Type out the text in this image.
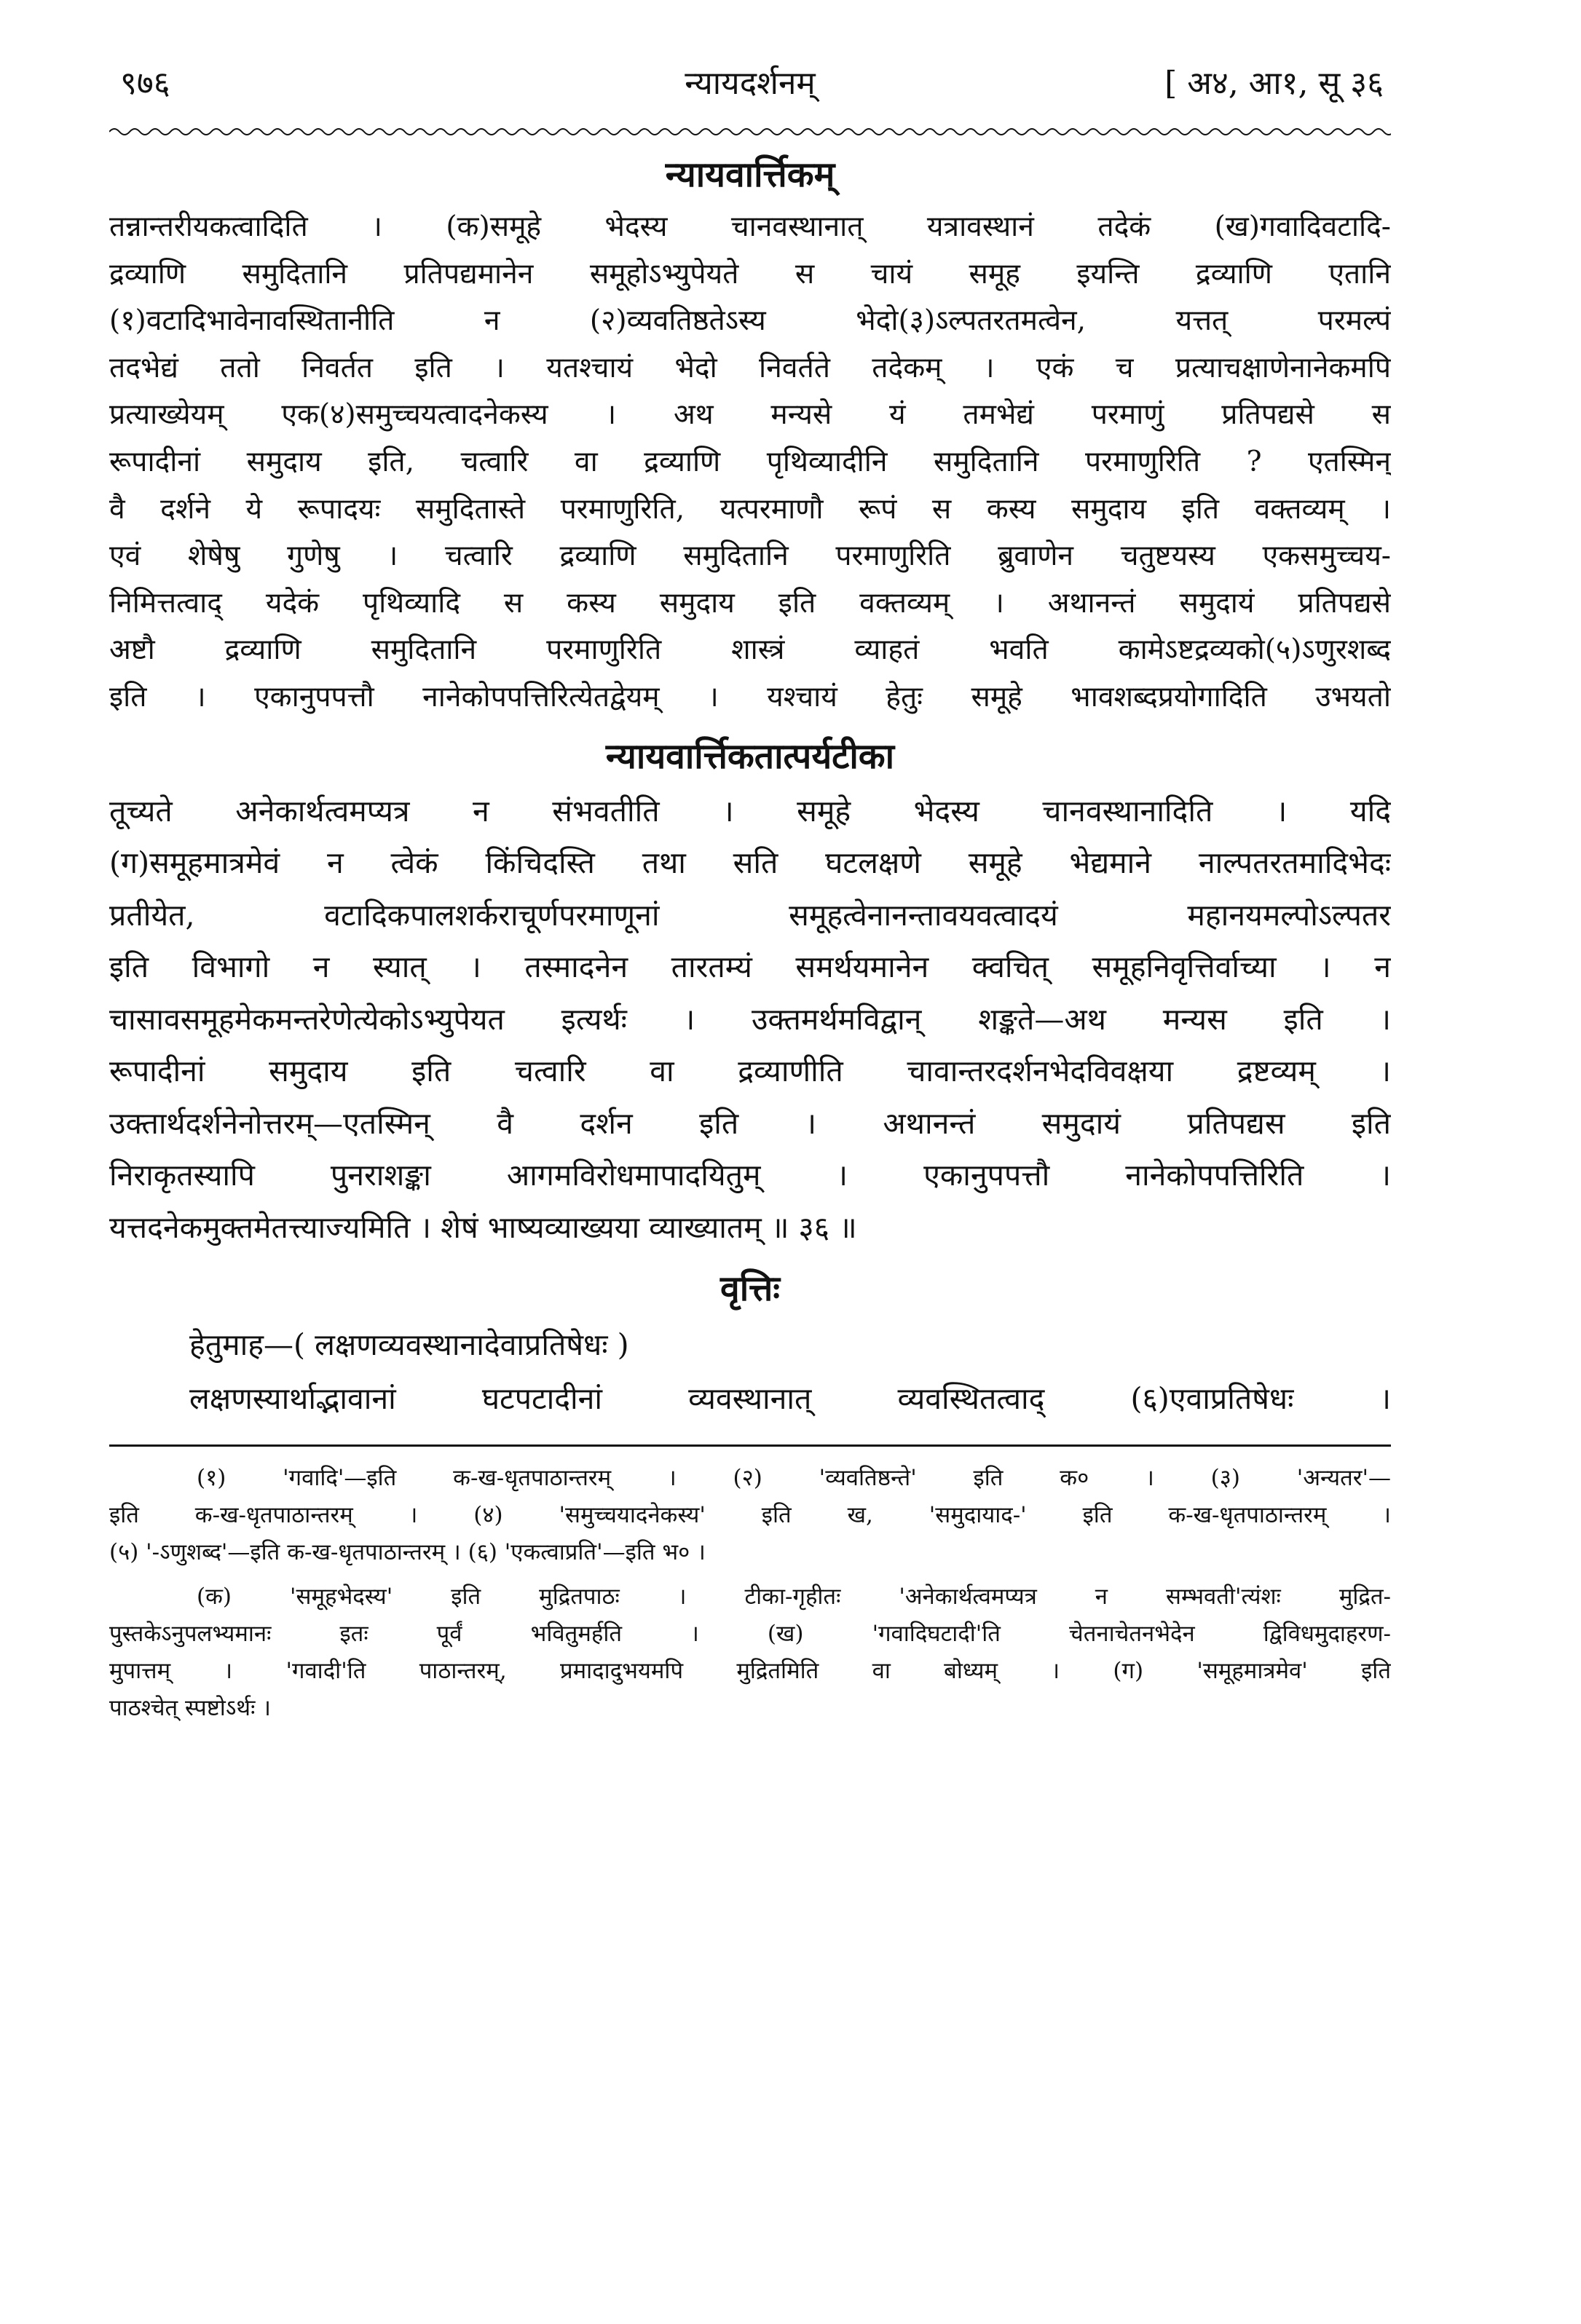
९७६	न्यायदर्शनम्	[ अ४, आ१, सू ३६
न्यायवार्त्तिकम्
तन्नान्तरीयकत्वादिति । (क)समूहे भेदस्य चानवस्थानात् यत्रावस्थानं तदेकं (ख)गवादिवटादि-
द्रव्याणि समुदितानि प्रतिपद्यमानेन समूहोऽभ्युपेयते स चायं समूह इयन्ति द्रव्याणि एतानि
(१)वटादिभावेनावस्थितानीति न (२)व्यवतिष्ठतेऽस्य भेदो(३)ऽल्पतरतमत्वेन, यत्तत् परमल्पं
तदभेद्यं ततो निवर्तत इति । यतश्चायं भेदो निवर्तते तदेकम् । एकं च प्रत्याचक्षाणेनानेकमपि
प्रत्याख्येयम् एक(४)समुच्चयत्वादनेकस्य । अथ मन्यसे यं तमभेद्यं परमाणुं प्रतिपद्यसे स
रूपादीनां समुदाय इति, चत्वारि वा द्रव्याणि पृथिव्यादीनि समुदितानि परमाणुरिति ? एतस्मिन्
वै दर्शने ये रूपादयः समुदितास्ते परमाणुरिति, यत्परमाणौ रूपं स कस्य समुदाय इति वक्तव्यम् ।
एवं शेषेषु गुणेषु । चत्वारि द्रव्याणि समुदितानि परमाणुरिति ब्रुवाणेन चतुष्टयस्य एकसमुच्चय-
निमित्तत्वाद् यदेकं पृथिव्यादि स कस्य समुदाय इति वक्तव्यम् । अथानन्तं समुदायं प्रतिपद्यसे
अष्टौ द्रव्याणि समुदितानि परमाणुरिति शास्त्रं व्याहतं भवति कामेऽष्टद्रव्यको(५)ऽणुरशब्द
इति । एकानुपपत्तौ नानेकोपपत्तिरित्येतद्वेयम् । यश्चायं हेतुः समूहे भावशब्दप्रयोगादिति उभयतो
न्यायवार्त्तिकतात्पर्यटीका
तूच्यते अनेकार्थत्वमप्यत्र न संभवतीति । समूहे भेदस्य चानवस्थानादिति । यदि
(ग)समूहमात्रमेवं न त्वेकं किंचिदस्ति तथा सति घटलक्षणे समूहे भेद्यमाने नाल्पतरतमादिभेदः
प्रतीयेत, वटादिकपालशर्कराचूर्णपरमाणूनां समूहत्वेनानन्तावयवत्वादयं महानयमल्पोऽल्पतर
इति विभागो न स्यात् । तस्मादनेन तारतम्यं समर्थयमानेन क्वचित् समूहनिवृत्तिर्वाच्या । न
चासावसमूहमेकमन्तरेणेत्येकोऽभ्युपेयत इत्यर्थः । उक्तमर्थमविद्वान् शङ्कते—अथ मन्यस इति ।
रूपादीनां समुदाय इति चत्वारि वा द्रव्याणीति चावान्तरदर्शनभेदविवक्षया द्रष्टव्यम् ।
उक्तार्थदर्शनेनोत्तरम्—एतस्मिन् वै दर्शन इति । अथानन्तं समुदायं प्रतिपद्यस इति
निराकृतस्यापि पुनराशङ्का आगमविरोधमापादयितुम् । एकानुपपत्तौ नानेकोपपत्तिरिति ।
यत्तदनेकमुक्तमेतत्त्याज्यमिति । शेषं भाष्यव्याख्यया व्याख्यातम् ॥ ३६ ॥
वृत्तिः
हेतुमाह—( लक्षणव्यवस्थानादेवाप्रतिषेधः )
लक्षणस्यार्थाद्भावानां घटपटादीनां व्यवस्थानात् व्यवस्थितत्वाद् (६)एवाप्रतिषेधः ।
(१) 'गवादि'—इति क-ख-धृतपाठान्तरम् । (२) 'व्यवतिष्ठन्ते' इति क० । (३) 'अन्यतर'—
इति क-ख-धृतपाठान्तरम् । (४) 'समुच्चयादनेकस्य' इति ख, 'समुदायाद-' इति क-ख-धृतपाठान्तरम् ।
(५) '-ऽणुशब्द'—इति क-ख-धृतपाठान्तरम् । (६) 'एकत्वाप्रति'—इति भ० ।
(क) 'समूहभेदस्य' इति मुद्रितपाठः । टीका-गृहीतः 'अनेकार्थत्वमप्यत्र न सम्भवती'त्यंशः मुद्रित-
पुस्तकेऽनुपलभ्यमानः इतः पूर्वं भवितुमर्हति । (ख) 'गवादिघटादी'ति चेतनाचेतनभेदेन द्विविधमुदाहरण-
मुपात्तम् । 'गवादी'ति पाठान्तरम्, प्रमादादुभयमपि मुद्रितमिति वा बोध्यम् । (ग) 'समूहमात्रमेव' इति
पाठश्चेत् स्पष्टोऽर्थः ।
